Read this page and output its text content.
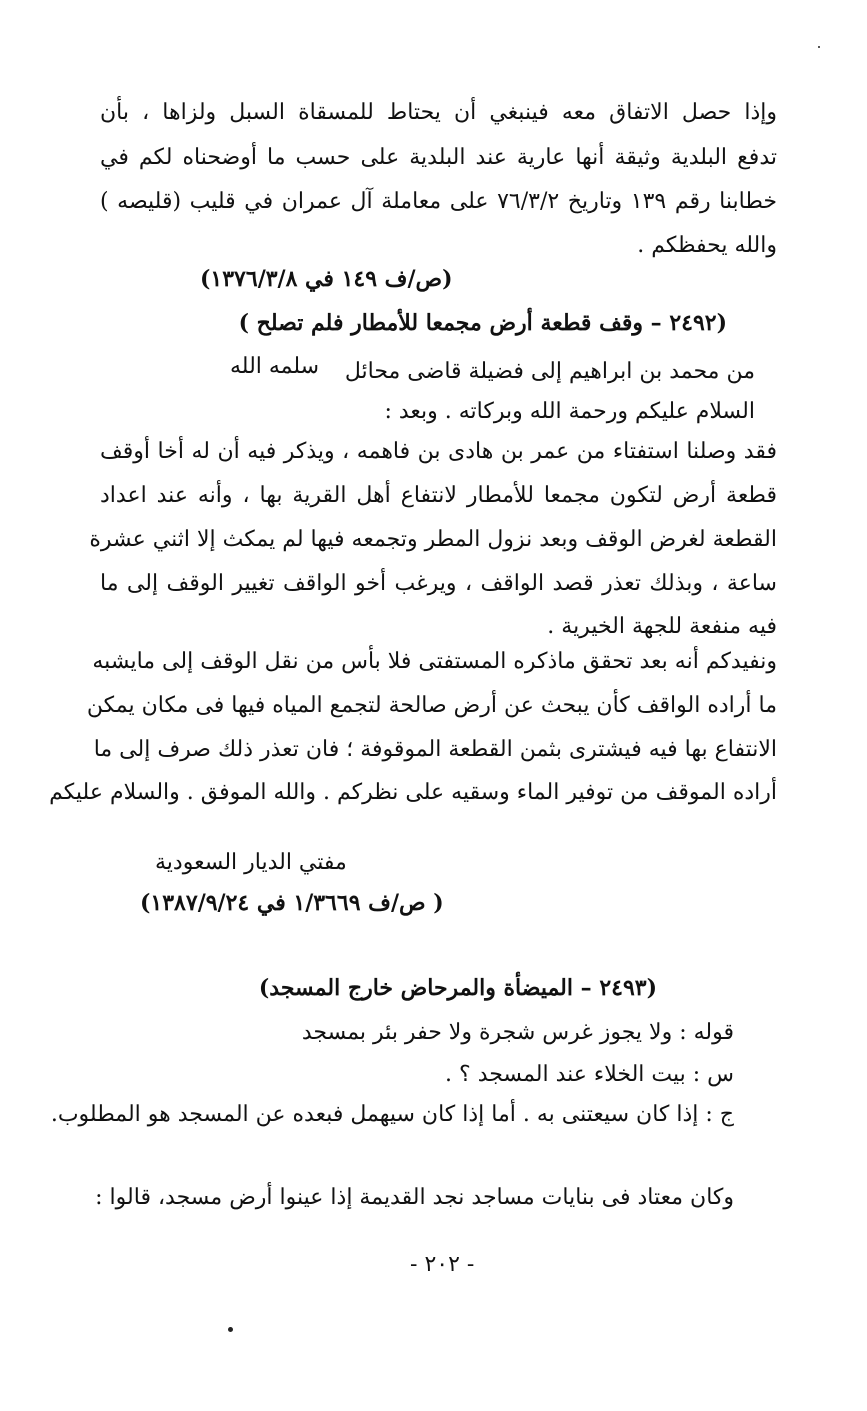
وإذا حصل الاتفاق معه فينبغي أن يحتاط للمسقاة السبل ولزاها ، بأن
تدفع البلدية وثيقة أنها عارية عند البلدية على حسب ما أوضحناه لكم في
خطابنا رقم ١٣٩ وتاريخ ٧٦/٣/٢ على معاملة آل عمران في قليب (قليصه )
والله يحفظكم .
(ص/ف ١٤٩ في ١٣٧٦/٣/٨)
(٢٤٩٢ – وقف قطعة أرض مجمعا للأمطار فلم تصلح )
من محمد بن ابراهيم إلى فضيلة قاضى محائل
سلمه الله
السلام عليكم ورحمة الله وبركاته . وبعد :
فقد وصلنا استفتاء من عمر بن هادى بن فاهمه ، ويذكر فيه أن له أخا أوقف
قطعة أرض لتكون مجمعا للأمطار لانتفاع أهل القرية بها ، وأنه عند اعداد
القطعة لغرض الوقف وبعد نزول المطر وتجمعه فيها لم يمكث إلا اثني عشرة
ساعة ، وبذلك تعذر قصد الواقف ، ويرغب أخو الواقف تغيير الوقف إلى ما
فيه منفعة للجهة الخيرية .
ونفيدكم أنه بعد تحقق ماذكره المستفتى فلا بأس من نقل الوقف إلى مايشبه
ما أراده الواقف كأن يبحث عن أرض صالحة لتجمع المياه فيها فى مكان يمكن
الانتفاع بها فيه فيشترى بثمن القطعة الموقوفة ؛ فان تعذر ذلك صرف إلى ما
أراده الموقف من توفير الماء وسقيه على نظركم . والله الموفق . والسلام عليكم
مفتي الديار السعودية
( ص/ف ١/٣٦٦٩ في ١٣٨٧/٩/٢٤)
(٢٤٩٣ – الميضأة والمرحاض خارج المسجد)
قوله : ولا يجوز غرس شجرة ولا حفر بئر بمسجد
س : بيت الخلاء عند المسجد ؟ .
ج : إذا كان سيعتنى به . أما إذا كان سيهمل فبعده عن المسجد هو المطلوب.
وكان معتاد فى بنايات مساجد نجد القديمة إذا عينوا أرض مسجد، قالوا :
- ٢٠٢ -
